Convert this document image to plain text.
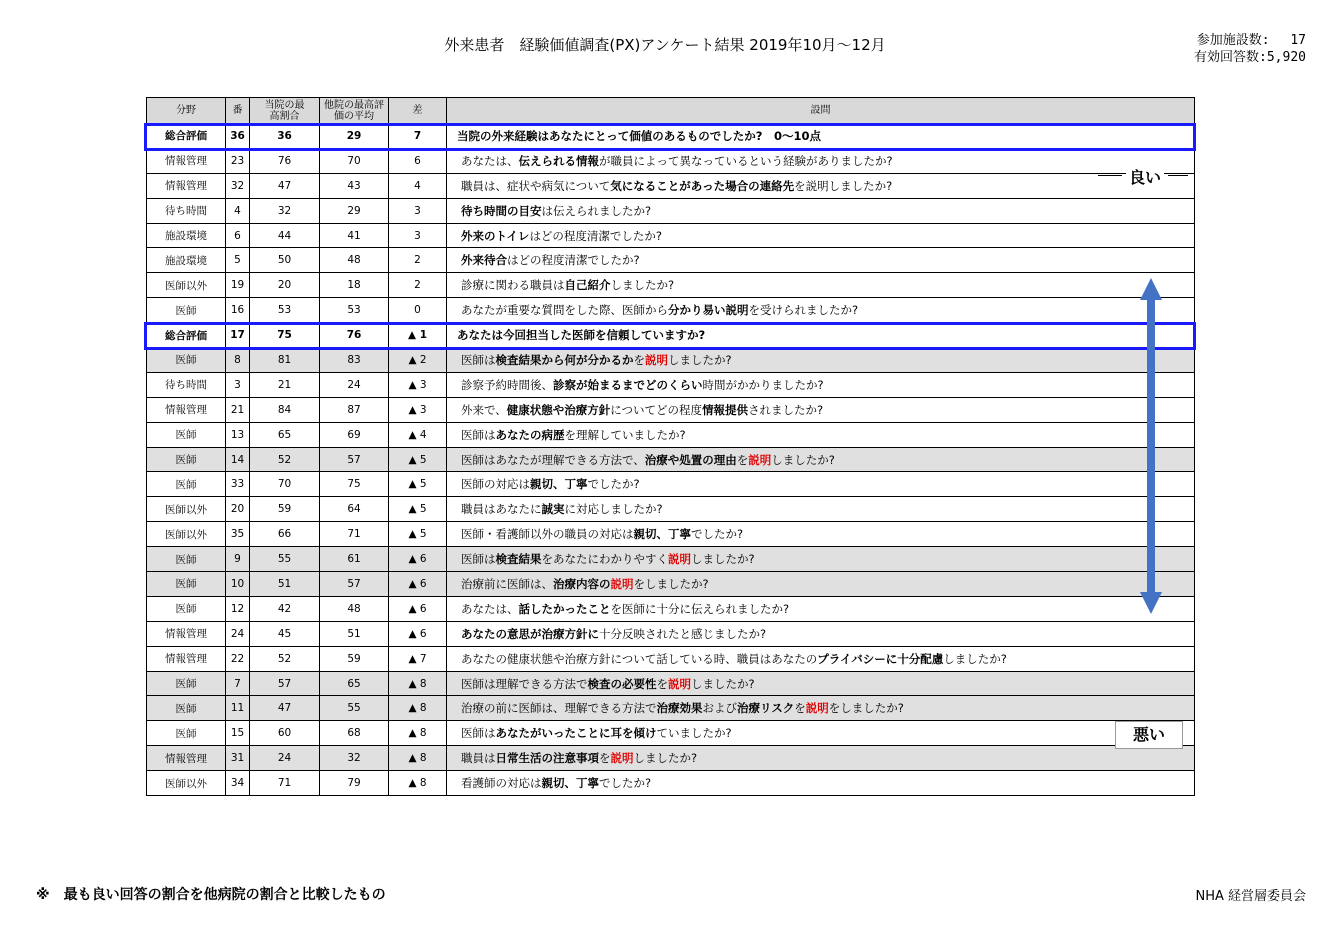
外来患者　経験価値調査(PX)アンケート結果 2019年10月～12月	参加施設数:　 17
有効回答数:5,920
分野	番	当院の最高割合	他院の最高評価の平均	差	設問
総合評価	36	36	29	7	当院の外来経験はあなたにとって価値のあるものでしたか?　0～10点
情報管理	23	76	70	6	あなたは、伝えられる情報が職員によって異なっているという経験がありましたか?
情報管理	32	47	43	4	職員は、症状や病気について気になることがあった場合の連絡先を説明しましたか?
待ち時間	4	32	29	3	待ち時間の目安は伝えられましたか?
施設環境	6	44	41	3	外来のトイレはどの程度清潔でしたか?
施設環境	5	50	48	2	外来待合はどの程度清潔でしたか?
医師以外	19	20	18	2	診療に関わる職員は自己紹介しましたか?
医師	16	53	53	0	あなたが重要な質問をした際、医師から分かり易い説明を受けられましたか?
総合評価	17	75	76	▲ 1	あなたは今回担当した医師を信頼していますか?
医師	8	81	83	▲ 2	医師は検査結果から何が分かるかを説明しましたか?
待ち時間	3	21	24	▲ 3	診察予約時間後、診察が始まるまでどのくらい時間がかかりましたか?
情報管理	21	84	87	▲ 3	外来で、健康状態や治療方針についてどの程度情報提供されましたか?
医師	13	65	69	▲ 4	医師はあなたの病歴を理解していましたか?
医師	14	52	57	▲ 5	医師はあなたが理解できる方法で、治療や処置の理由を説明しましたか?
医師	33	70	75	▲ 5	医師の対応は親切、丁寧でしたか?
医師以外	20	59	64	▲ 5	職員はあなたに誠実に対応しましたか?
医師以外	35	66	71	▲ 5	医師・看護師以外の職員の対応は親切、丁寧でしたか?
医師	9	55	61	▲ 6	医師は検査結果をあなたにわかりやすく説明しましたか?
医師	10	51	57	▲ 6	治療前に医師は、治療内容の説明をしましたか?
医師	12	42	48	▲ 6	あなたは、話したかったことを医師に十分に伝えられましたか?
情報管理	24	45	51	▲ 6	あなたの意思が治療方針に十分反映されたと感じましたか?
情報管理	22	52	59	▲ 7	あなたの健康状態や治療方針について話している時、職員はあなたのプライバシーに十分配慮しましたか?
医師	7	57	65	▲ 8	医師は理解できる方法で検査の必要性を説明しましたか?
医師	11	47	55	▲ 8	治療の前に医師は、理解できる方法で治療効果および治療リスクを説明をしましたか?
医師	15	60	68	▲ 8	医師はあなたがいったことに耳を傾けていましたか?
情報管理	31	24	32	▲ 8	職員は日常生活の注意事項を説明しましたか?
医師以外	34	71	79	▲ 8	看護師の対応は親切、丁寧でしたか?
良い
悪い
※　最も良い回答の割合を他病院の割合と比較したもの	NHA 経営層委員会
